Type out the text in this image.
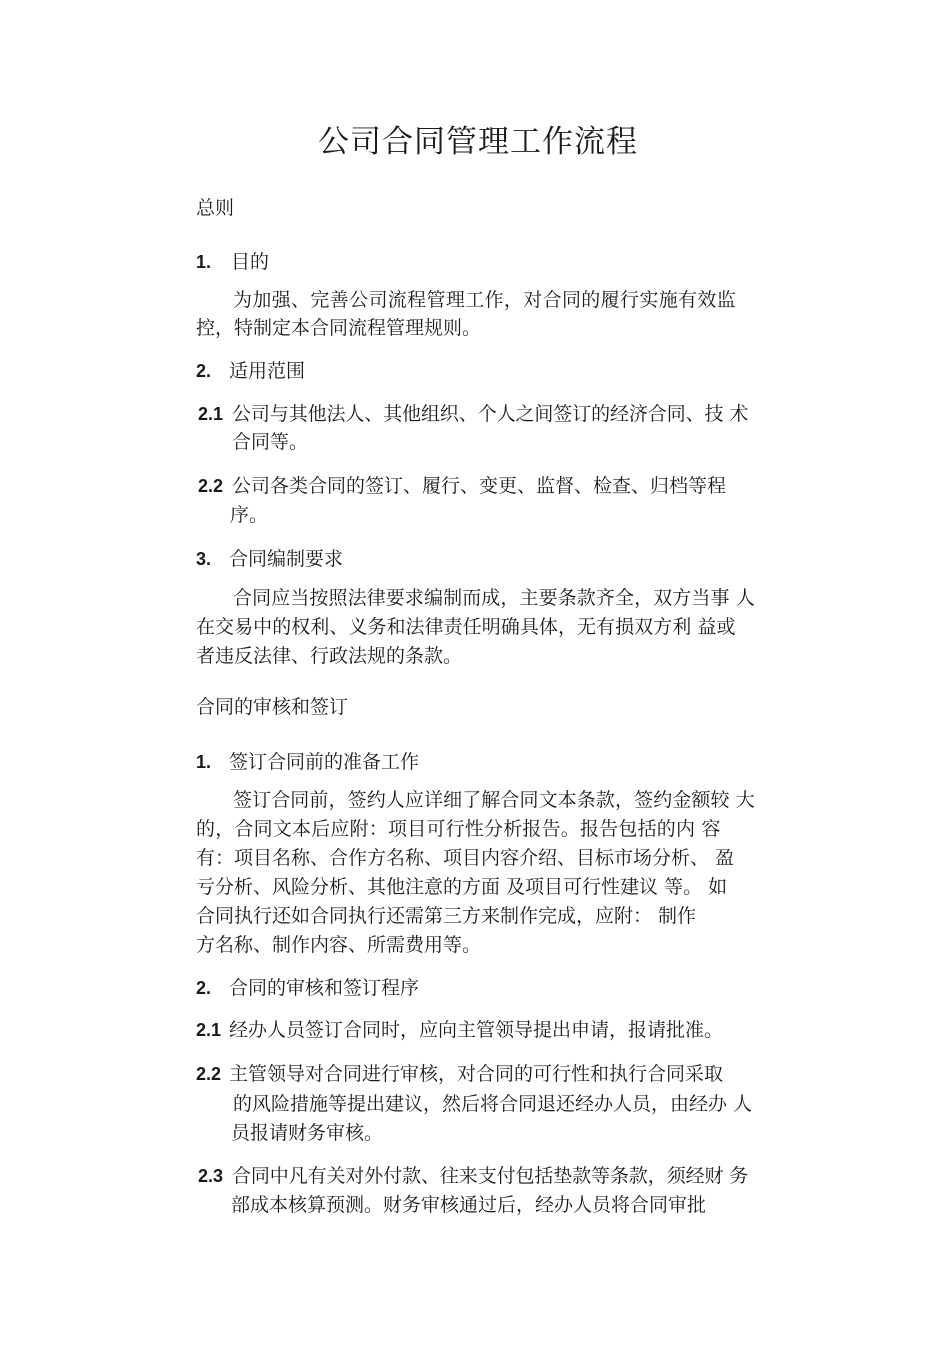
公司合同管理工作流程
总则
1. 目的
为加强、完善公司流程管理工作，对合同的履行实施有效监
控，特制定本合同流程管理规则。
2. 适用范围
2.1 公司与其他法人、其他组织、个人之间签订的经济合同、技 术
合同等。
2.2 公司各类合同的签订、履行、变更、监督、检查、归档等程
序。
3. 合同编制要求
合同应当按照法律要求编制而成，主要条款齐全，双方当事 人
在交易中的权利、义务和法律责任明确具体，无有损双方利 益或
者违反法律、行政法规的条款。
合同的审核和签订
1. 签订合同前的准备工作
签订合同前，签约人应详细了解合同文本条款，签约金额较 大
的，合同文本后应附：项目可行性分析报告。报告包括的内 容
有：项目名称、合作方名称、项目内容介绍、目标市场分析、 盈
亏分析、风险分析、其他注意的方面 及项目可行性建议 等。 如
合同执行还如合同执行还需第三方来制作完成，应附： 制作
方名称、制作内容、所需费用等。
2. 合同的审核和签订程序
2.1 经办人员签订合同时，应向主管领导提出申请，报请批准。
2.2 主管领导对合同进行审核，对合同的可行性和执行合同采取
的风险措施等提出建议，然后将合同退还经办人员，由经办 人
员报请财务审核。
2.3 合同中凡有关对外付款、往来支付包括垫款等条款，须经财 务
部成本核算预测。财务审核通过后，经办人员将合同审批
